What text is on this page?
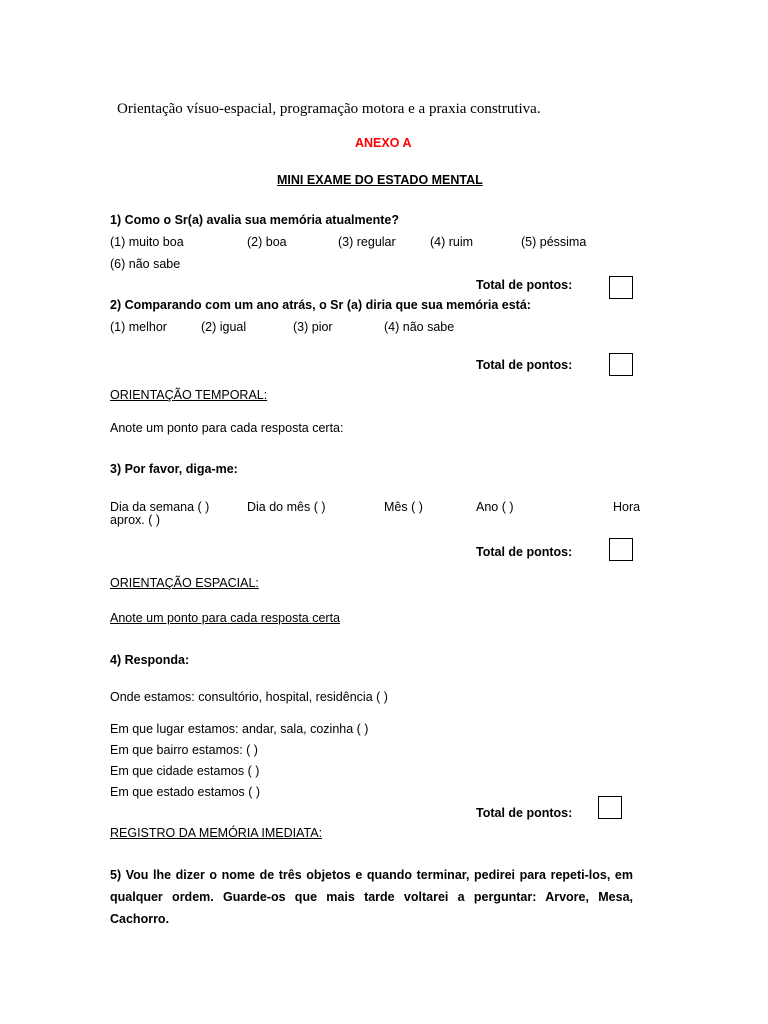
Orientação vísuo-espacial, programação motora e a praxia construtiva.
ANEXO A
MINI EXAME DO ESTADO MENTAL
1) Como o Sr(a) avalia sua memória atualmente?
(1) muito boa	(2) boa	(3) regular	(4) ruim	(5) péssima
(6) não sabe
Total de pontos:
2) Comparando com um ano atrás, o Sr (a) diria que sua memória está:
(1) melhor	(2) igual	(3) pior	(4) não sabe
Total de pontos:
ORIENTAÇÃO TEMPORAL:
Anote um ponto para cada resposta certa:
3) Por favor, diga-me:
Dia da semana ( )	Dia do mês ( )	Mês ( )	Ano ( )	Hora
aprox. ( )
Total de pontos:
ORIENTAÇÃO ESPACIAL:
Anote um ponto para cada resposta certa
4) Responda:
Onde estamos: consultório, hospital, residência ( )
Em que lugar estamos: andar, sala, cozinha ( )
Em que bairro estamos: ( )
Em que cidade estamos ( )
Em que estado estamos ( )
Total de pontos:
REGISTRO DA MEMÓRIA IMEDIATA:
5) Vou lhe dizer o nome de três objetos e quando terminar, pedirei para repeti-los, em qualquer ordem. Guarde-os que mais tarde voltarei a perguntar: Arvore, Mesa, Cachorro.
